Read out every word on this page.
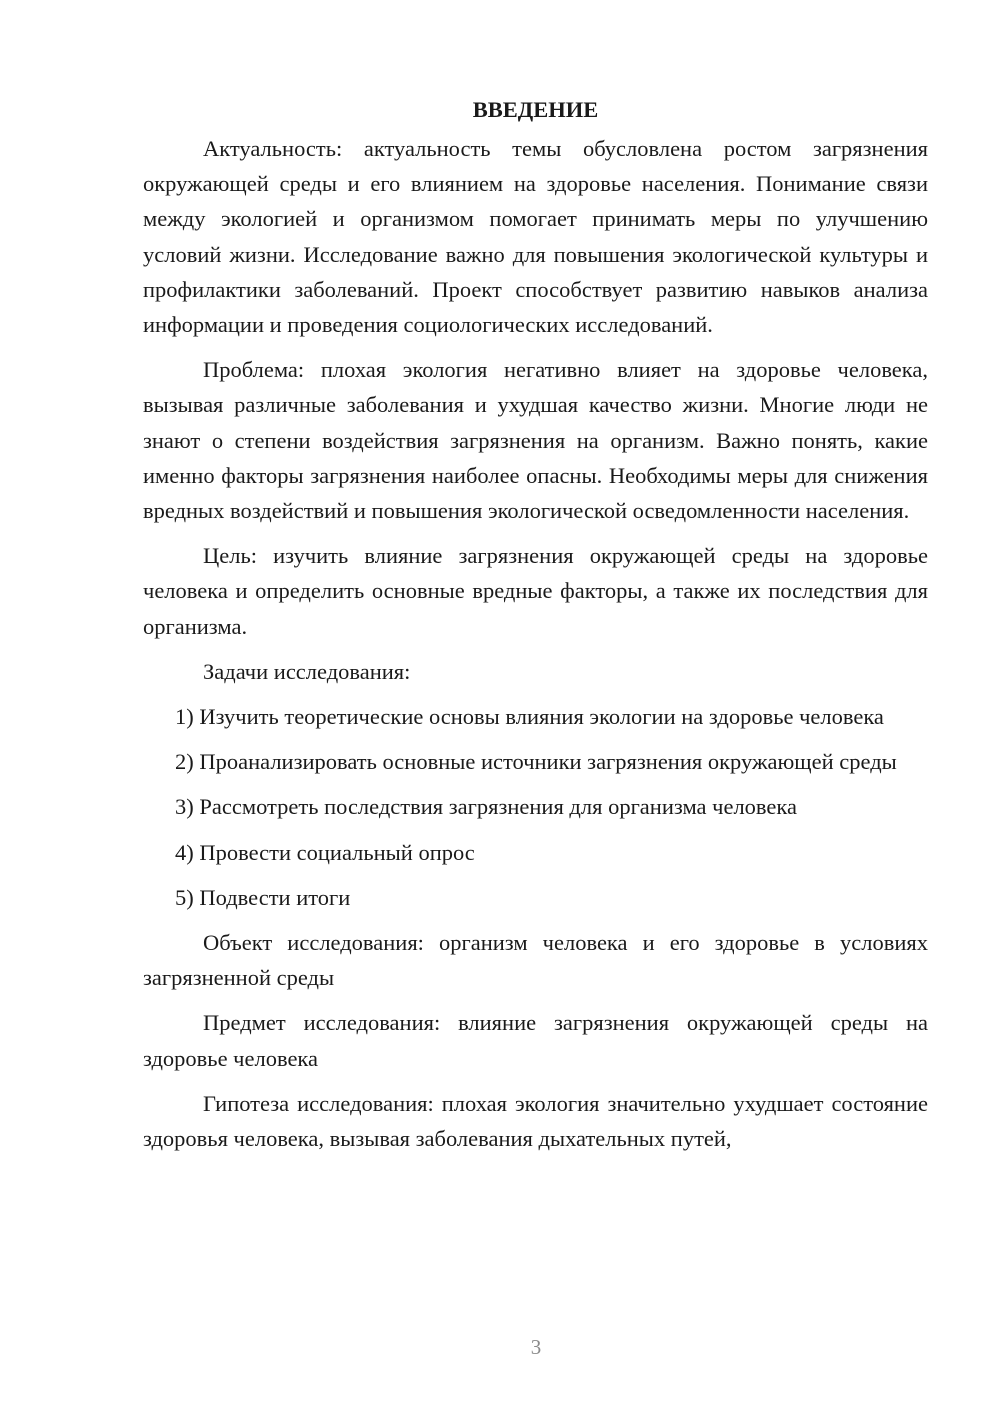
ВВЕДЕНИЕ

Актуальность: актуальность темы обусловлена ростом загрязнения окружающей среды и его влиянием на здоровье населения. Понимание связи между экологией и организмом помогает принимать меры по улучшению условий жизни. Исследование важно для повышения экологической культуры и профилактики заболеваний. Проект способствует развитию навыков анализа информации и проведения социологических исследований.

Проблема: плохая экология негативно влияет на здоровье человека, вызывая различные заболевания и ухудшая качество жизни. Многие люди не знают о степени воздействия загрязнения на организм. Важно понять, какие именно факторы загрязнения наиболее опасны. Необходимы меры для снижения вредных воздействий и повышения экологической осведомленности населения.

Цель: изучить влияние загрязнения окружающей среды на здоровье человека и определить основные вредные факторы, а также их последствия для организма.

Задачи исследования:

1) Изучить теоретические основы влияния экологии на здоровье человека

2) Проанализировать основные источники загрязнения окружающей среды

3) Рассмотреть последствия загрязнения для организма человека

4) Провести социальный опрос

5) Подвести итоги

Объект исследования: организм человека и его здоровье в условиях загрязненной среды

Предмет исследования: влияние загрязнения окружающей среды на здоровье человека

Гипотеза исследования: плохая экология значительно ухудшает состояние здоровья человека, вызывая заболевания дыхательных путей,

3
